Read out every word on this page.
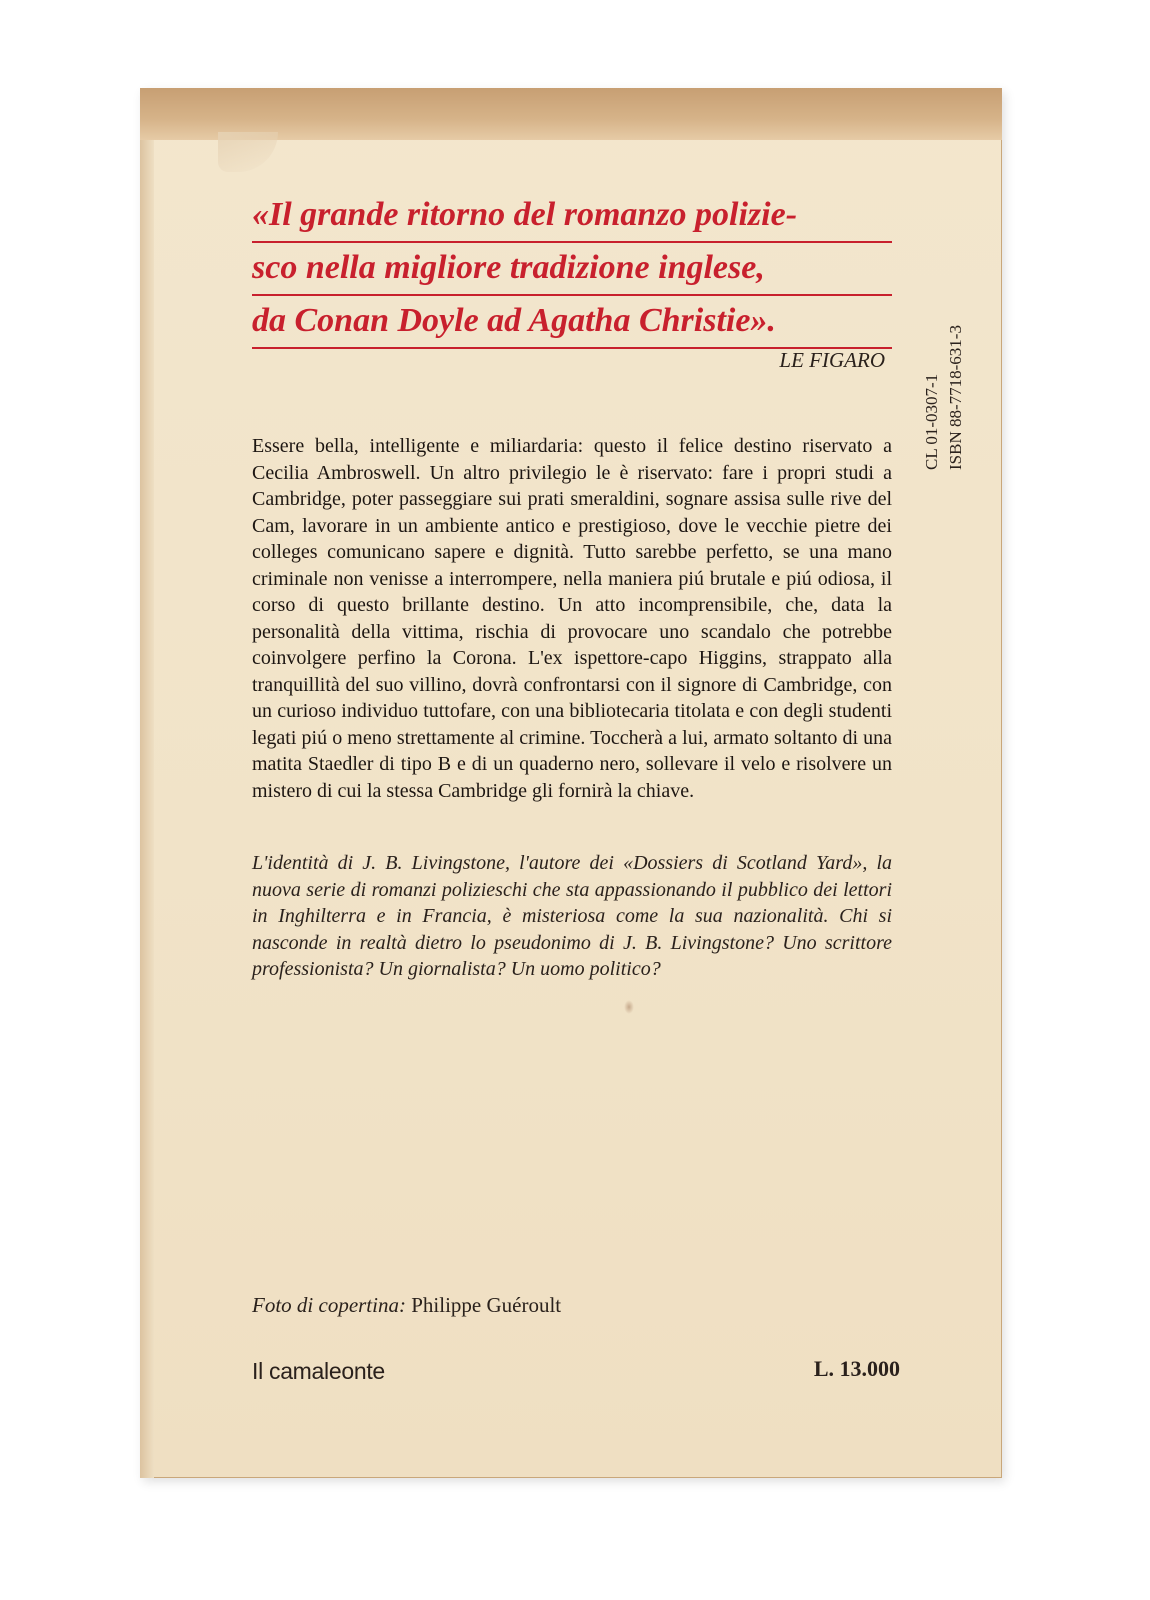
«Il grande ritorno del romanzo polizie-
sco nella migliore tradizione inglese,
da Conan Doyle ad Agatha Christie».
LE FIGARO
CL 01-0307-1 ISBN 88-7718-631-3

Essere bella, intelligente e miliardaria: questo il felice destino riservato a Cecilia Ambroswell. Un altro privilegio le è riservato: fare i propri studi a Cambridge, poter passeggiare sui prati smeraldini, sognare assisa sulle rive del Cam, lavorare in un ambiente antico e prestigioso, dove le vecchie pietre dei colleges comunicano sapere e dignità. Tutto sarebbe perfetto, se una mano criminale non venisse a interrompere, nella maniera piú brutale e piú odiosa, il corso di questo brillante destino. Un atto incomprensibile, che, data la personalità della vittima, rischia di provocare uno scandalo che potrebbe coinvolgere perfino la Corona. L'ex ispettore-capo Higgins, strappato alla tranquillità del suo villino, dovrà confrontarsi con il signore di Cambridge, con un curioso individuo tuttofare, con una bibliotecaria titolata e con degli studenti legati piú o meno strettamente al crimine. Toccherà a lui, armato soltanto di una matita Staedler di tipo B e di un quaderno nero, sollevare il velo e risolvere un mistero di cui la stessa Cambridge gli fornirà la chiave.

L'identità di J. B. Livingstone, l'autore dei «Dossiers di Scotland Yard», la nuova serie di romanzi polizieschi che sta appassionando il pubblico dei lettori in Inghilterra e in Francia, è misteriosa come la sua nazionalità. Chi si nasconde in realtà dietro lo pseudonimo di J. B. Livingstone? Uno scrittore professionista? Un giornalista? Un uomo politico?

Foto di copertina: Philippe Guéroult
Il camaleonte	L. 13.000
